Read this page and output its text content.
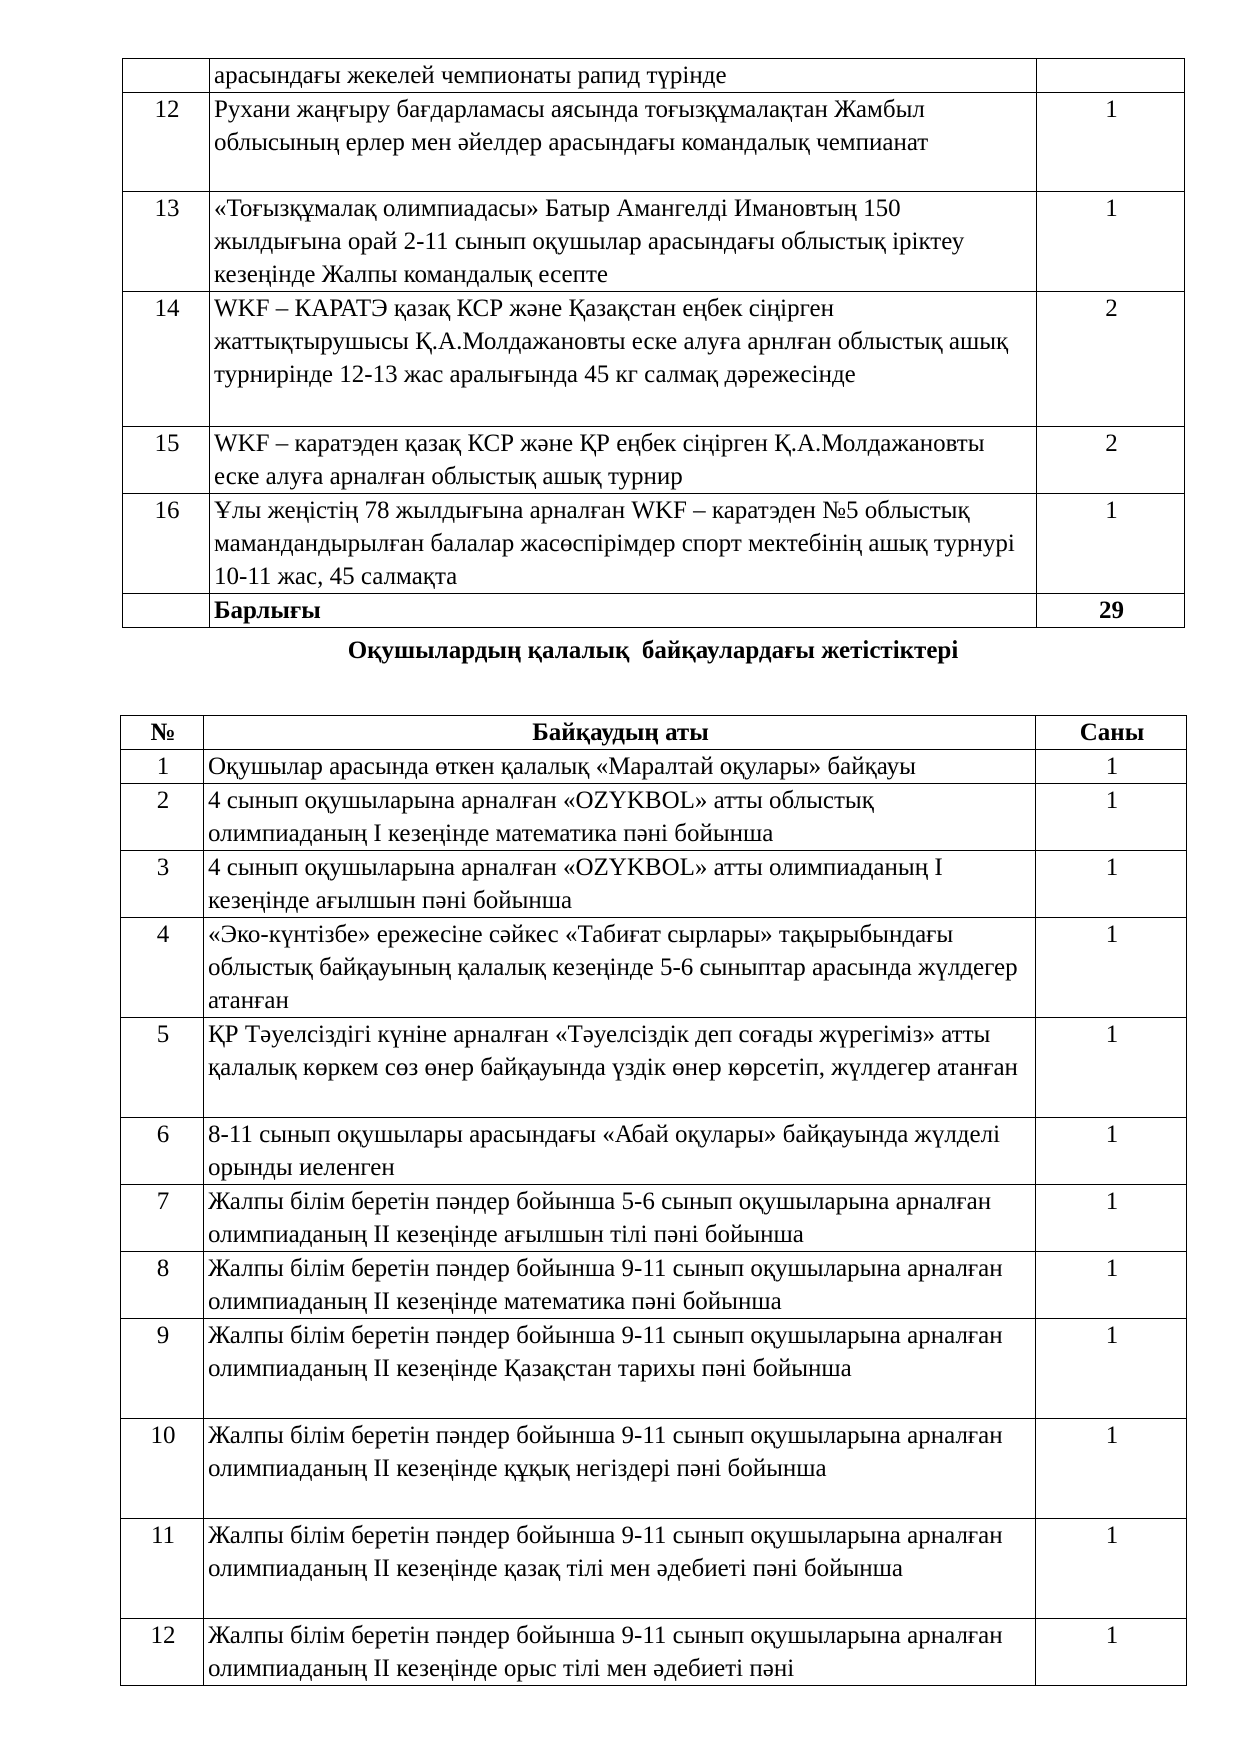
	арасындағы жекелей чемпионаты рапид түрінде	
12	Рухани жаңғыру бағдарламасы аясында тоғызқұмалақтан Жамбыл облысының ерлер мен әйелдер арасындағы командалық чемпианат	1
13	«Тоғызқұмалақ олимпиадасы» Батыр Амангелді Имановтың 150 жылдығына орай 2-11 сынып оқушылар арасындағы облыстық іріктеу кезеңінде Жалпы командалық есепте	1
14	WKF – КАРАТЭ қазақ КСР және Қазақстан еңбек сіңірген жаттықтырушысы Қ.А.Молдажановты еске алуға арнлған облыстық ашық турнирінде 12-13 жас аралығында 45 кг салмақ дәрежесінде	2
15	WKF – каратэден қазақ КСР және ҚР еңбек сіңірген Қ.А.Молдажановты еске алуға арналған облыстық ашық турнир	2
16	Ұлы жеңістің 78 жылдығына арналған WKF – каратэден №5 облыстық мамандандырылған балалар жасөспірімдер спорт мектебінің ашық турнурі 10-11 жас, 45 салмақта	1
	Барлығы	29
Оқушылардың қалалық  байқаулардағы жетістіктері
№	Байқаудың аты	Саны
1	Оқушылар арасында өткен қалалық «Маралтай оқулары» байқауы	1
2	4 сынып оқушыларына арналған «OZYKBOL» атты облыстық олимпиаданың І кезеңінде математика пәні бойынша	1
3	4 сынып оқушыларына арналған «OZYKBOL» атты олимпиаданың І кезеңінде ағылшын пәні бойынша	1
4	«Эко-күнтізбе» ережесіне сәйкес «Табиғат сырлары» тақырыбындағы облыстық байқауының қалалық кезеңінде 5-6 сыныптар арасында жүлдегер атанған	1
5	ҚР Тәуелсіздігі күніне арналған «Тәуелсіздік деп соғады жүрегіміз» атты қалалық көркем сөз өнер байқауында үздік өнер көрсетіп, жүлдегер атанған	1
6	8-11 сынып оқушылары арасындағы «Абай оқулары» байқауында жүлделі орынды иеленген	1
7	Жалпы білім беретін пәндер бойынша 5-6 сынып оқушыларына арналған олимпиаданың ІІ кезеңінде ағылшын тілі пәні бойынша	1
8	Жалпы білім беретін пәндер бойынша 9-11 сынып оқушыларына арналған олимпиаданың ІІ кезеңінде математика пәні бойынша	1
9	Жалпы білім беретін пәндер бойынша 9-11 сынып оқушыларына арналған олимпиаданың ІІ кезеңінде Қазақстан тарихы пәні бойынша	1
10	Жалпы білім беретін пәндер бойынша 9-11 сынып оқушыларына арналған олимпиаданың ІІ кезеңінде құқық негіздері пәні бойынша	1
11	Жалпы білім беретін пәндер бойынша 9-11 сынып оқушыларына арналған олимпиаданың ІІ кезеңінде қазақ тілі мен әдебиеті пәні бойынша	1
12	Жалпы білім беретін пәндер бойынша 9-11 сынып оқушыларына арналған олимпиаданың ІІ кезеңінде орыс тілі мен әдебиеті пәні	1
